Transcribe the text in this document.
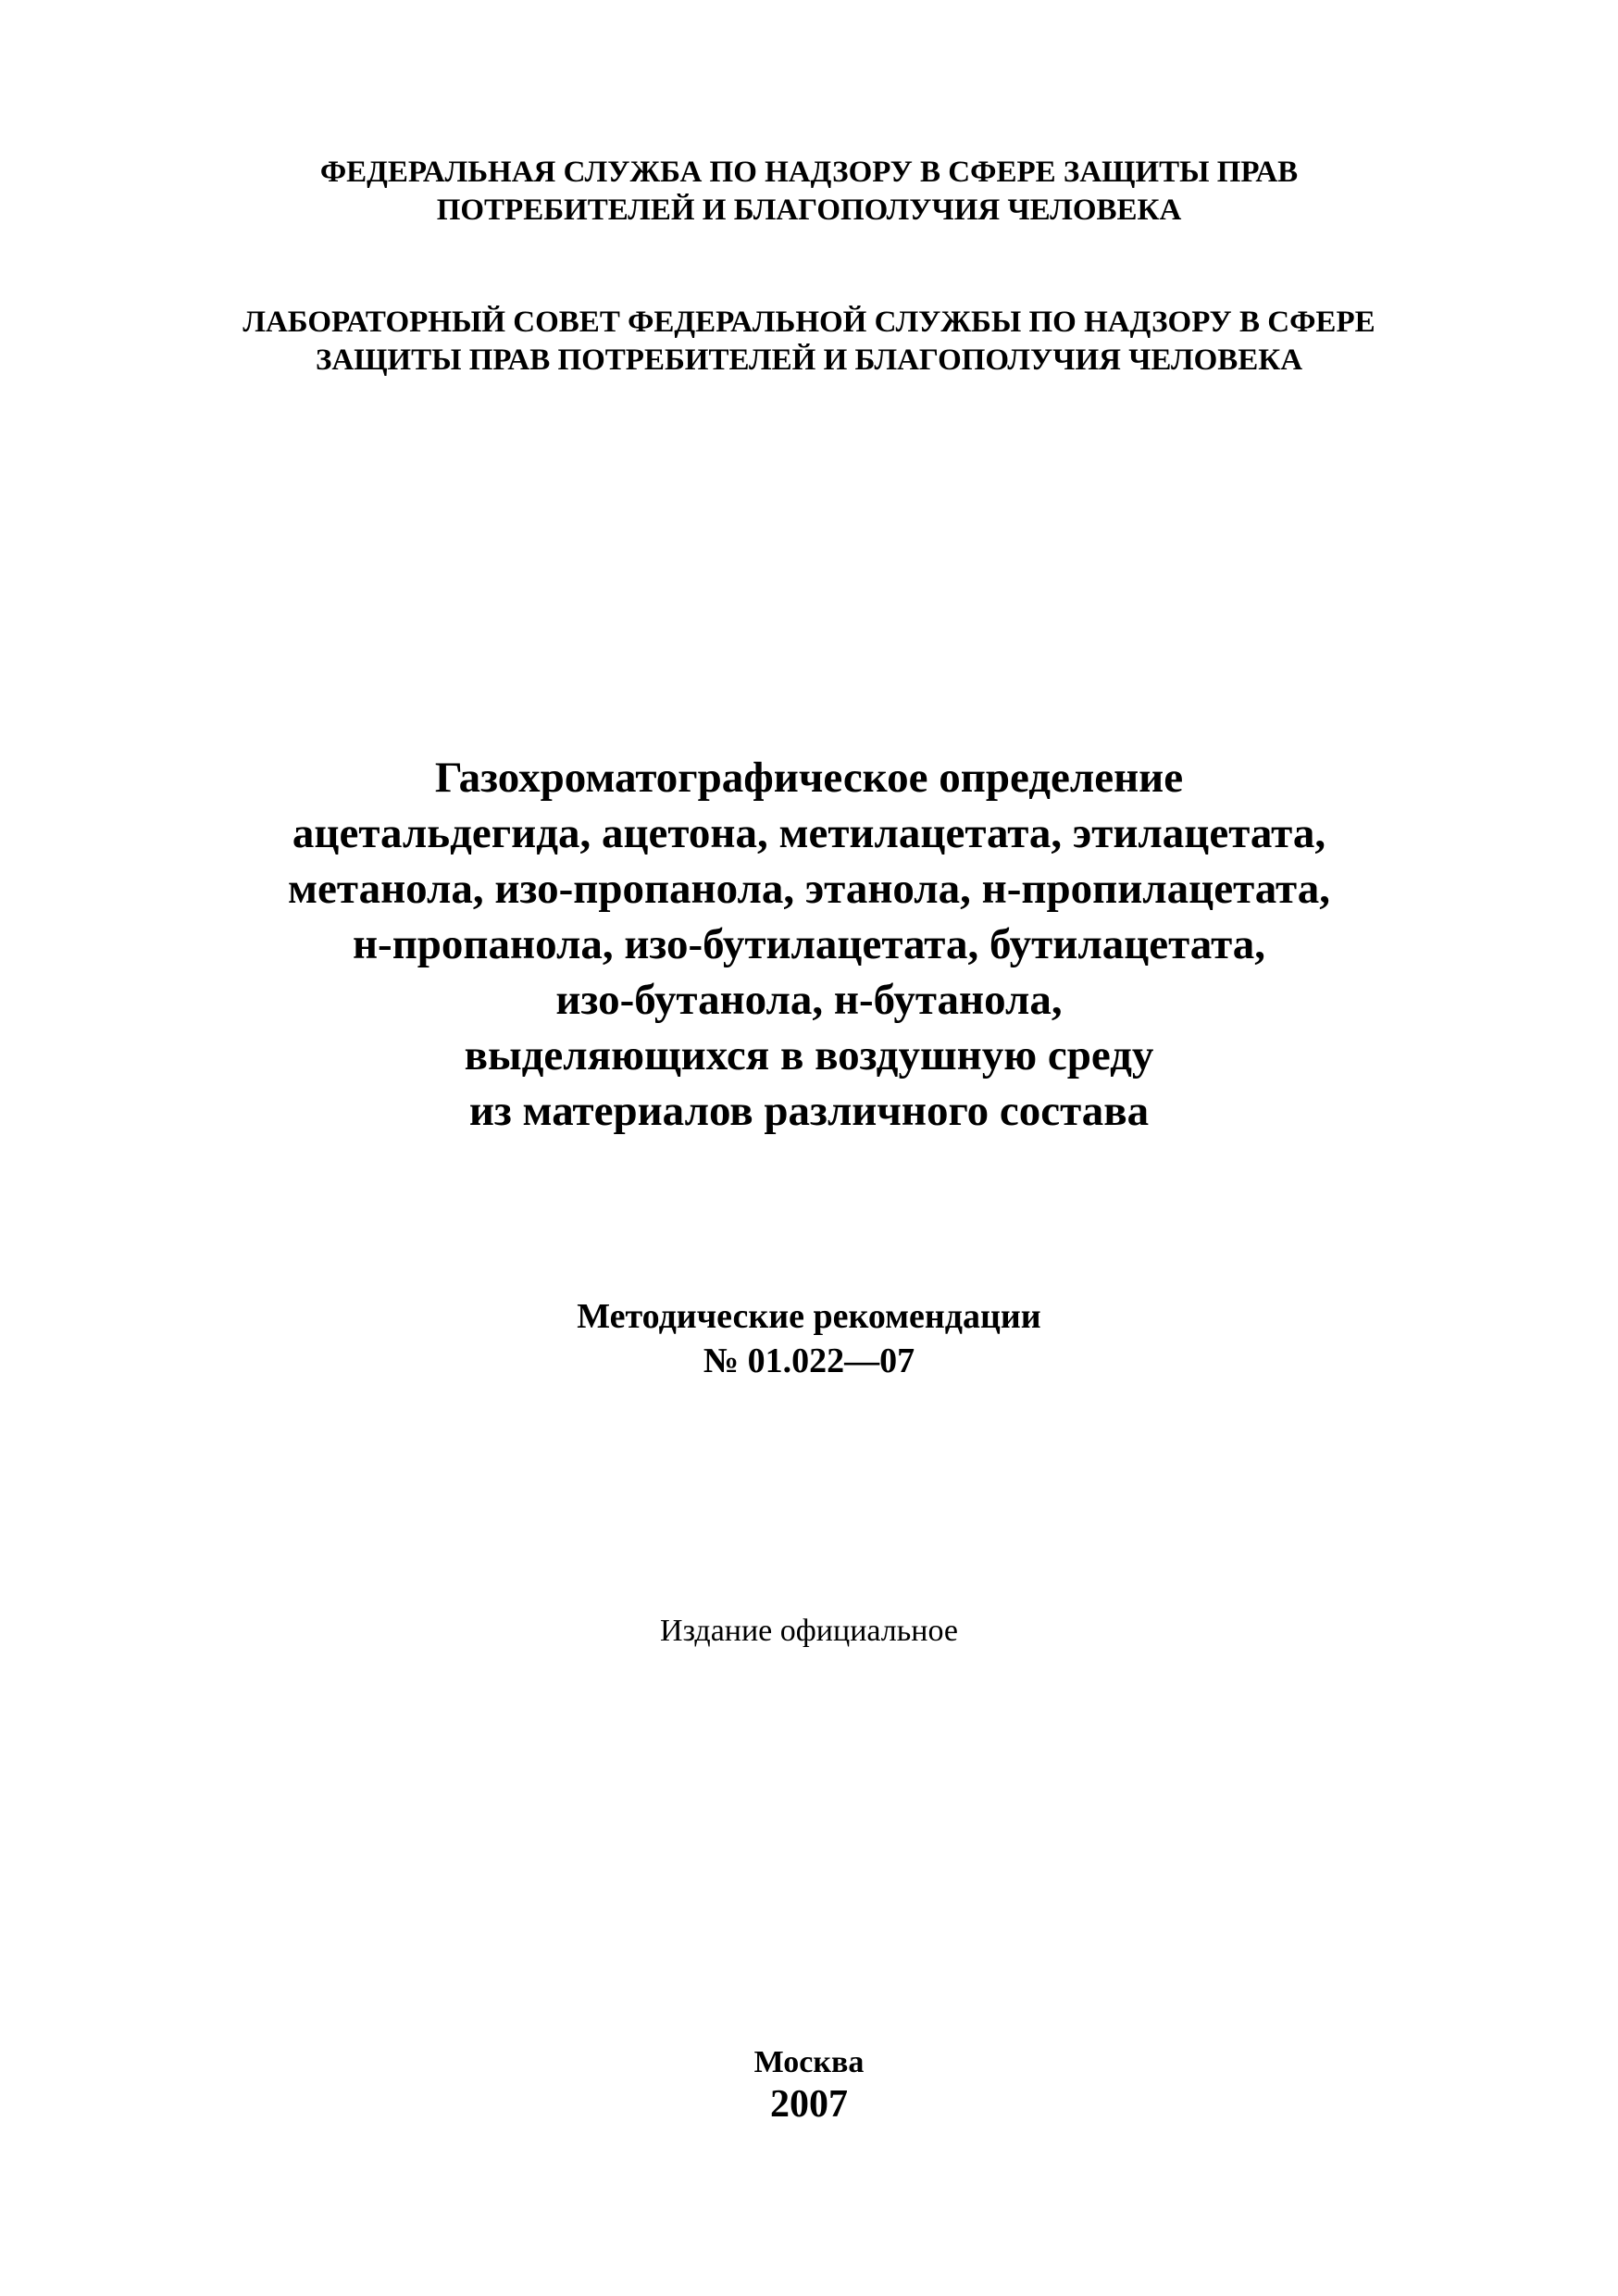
ФЕДЕРАЛЬНАЯ СЛУЖБА ПО НАДЗОРУ В СФЕРЕ ЗАЩИТЫ ПРАВ
ПОТРЕБИТЕЛЕЙ И БЛАГОПОЛУЧИЯ ЧЕЛОВЕКА
ЛАБОРАТОРНЫЙ СОВЕТ ФЕДЕРАЛЬНОЙ СЛУЖБЫ ПО НАДЗОРУ В СФЕРЕ
ЗАЩИТЫ ПРАВ ПОТРЕБИТЕЛЕЙ И БЛАГОПОЛУЧИЯ ЧЕЛОВЕКА
Газохроматографическое определение
ацетальдегида, ацетона, метилацетата, этилацетата,
метанола, изо-пропанола, этанола, н-пропилацетата,
н-пропанола, изо-бутилацетата, бутилацетата,
изо-бутанола, н-бутанола,
выделяющихся в воздушную среду
из материалов различного состава
Методические рекомендации
№ 01.022—07
Издание официальное
Москва
2007
